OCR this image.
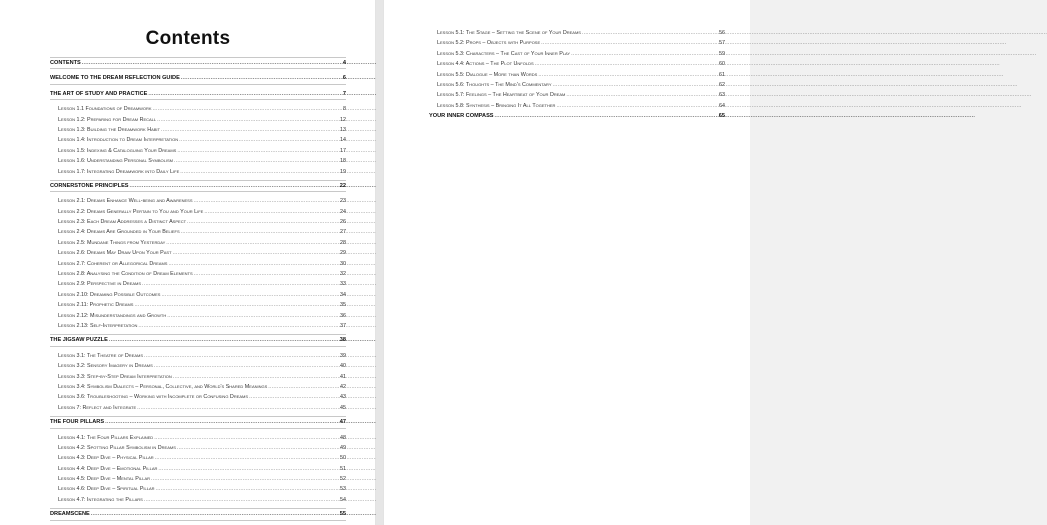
Contents
CONTENTS .....	4
WELCOME TO THE DREAM REFLECTION GUIDE .....	6
THE ART OF STUDY AND PRACTICE .....	7
Lesson 1.1 Foundations of Dreamwork .....	8
Lesson 1.2: Preparing for Dream Recall .....	12
Lesson 1.3: Building the Dreamwork Habit .....	13
Lesson 1.4: Introduction to Dream Interpretation .....	14
Lesson 1.5: Indexing & Cataloguing Your Dreams .....	17
Lesson 1.6: Understanding Personal Symbolism .....	18
Lesson 1.7: Integrating Dreamwork into Daily Life .....	19
CORNERSTONE PRINCIPLES .....	22
Lesson 2.1: Dreams Enhance Well-being and Awareness .....	23
Lesson 2.2: Dreams Generally Pertain to You and Your Life .....	24
Lesson 2.3: Each Dream Addresses a Distinct Aspect .....	26
Lesson 2.4: Dreams Are Grounded in Your Beliefs .....	27
Lesson 2.5: Mundane Things from Yesterday .....	28
Lesson 2.6: Dreams May Draw Upon Your Past .....	29
Lesson 2.7: Coherent or Allegorical Dreams .....	30
Lesson 2.8: Analysing the Condition of Dream Elements .....	32
Lesson 2.9: Perspective in Dreams .....	33
Lesson 2.10: Dreaming Possible Outcomes .....	34
Lesson 2.11: Prophetic Dreams .....	35
Lesson 2.12: Misunderstandings and Growth .....	36
Lesson 2.13: Self-Interpretation .....	37
THE JIGSAW PUZZLE .....	38
Lesson 3.1: The Theatre of Dreams .....	39
Lesson 3.2: Sensory Imagery in Dreams .....	40
Lesson 3.3: Step-by-Step Dream Interpretation .....	41
Lesson 3.4: Symbolism Dialects – Personal, Collective, and World's Shared Meanings .....	42
Lesson 3.6: Troubleshooting – Working with Incomplete or Confusing Dreams .....	43
Lesson 7: Reflect and Integrate .....	45
THE FOUR PILLARS .....	47
Lesson 4.1: The Four Pillars Explained .....	48
Lesson 4.2: Spotting Pillar Symbolism in Dreams .....	49
Lesson 4.3: Deep Dive – Physical Pillar .....	50
Lesson 4.4: Deep Dive – Emotional Pillar .....	51
Lesson 4.5: Deep Dive – Mental Pillar .....	52
Lesson 4.6: Deep Dive – Spiritual Pillar .....	53
Lesson 4.7: Integrating the Pillars .....	54
DREAMSCENE .....	55
Lesson 5.1: The Stage – Setting the Scene of Your Dreams .....	56
Lesson 5.2: Props – Objects with Purpose .....	57
Lesson 5.3: Characters – The Cast of Your Inner Play .....	59
Lesson 4.4: Actions – The Plot Unfolds .....	60
Lesson 5.5: Dialogue – More than Words .....	61
Lesson 5.6: Thoughts – The Mind's Commentary .....	62
Lesson 5.7: Feelings – The Heartbeat of Your Dream .....	63
Lesson 5.8: Synthesis – Bringing It All Together .....	64
YOUR INNER COMPASS .....	65
